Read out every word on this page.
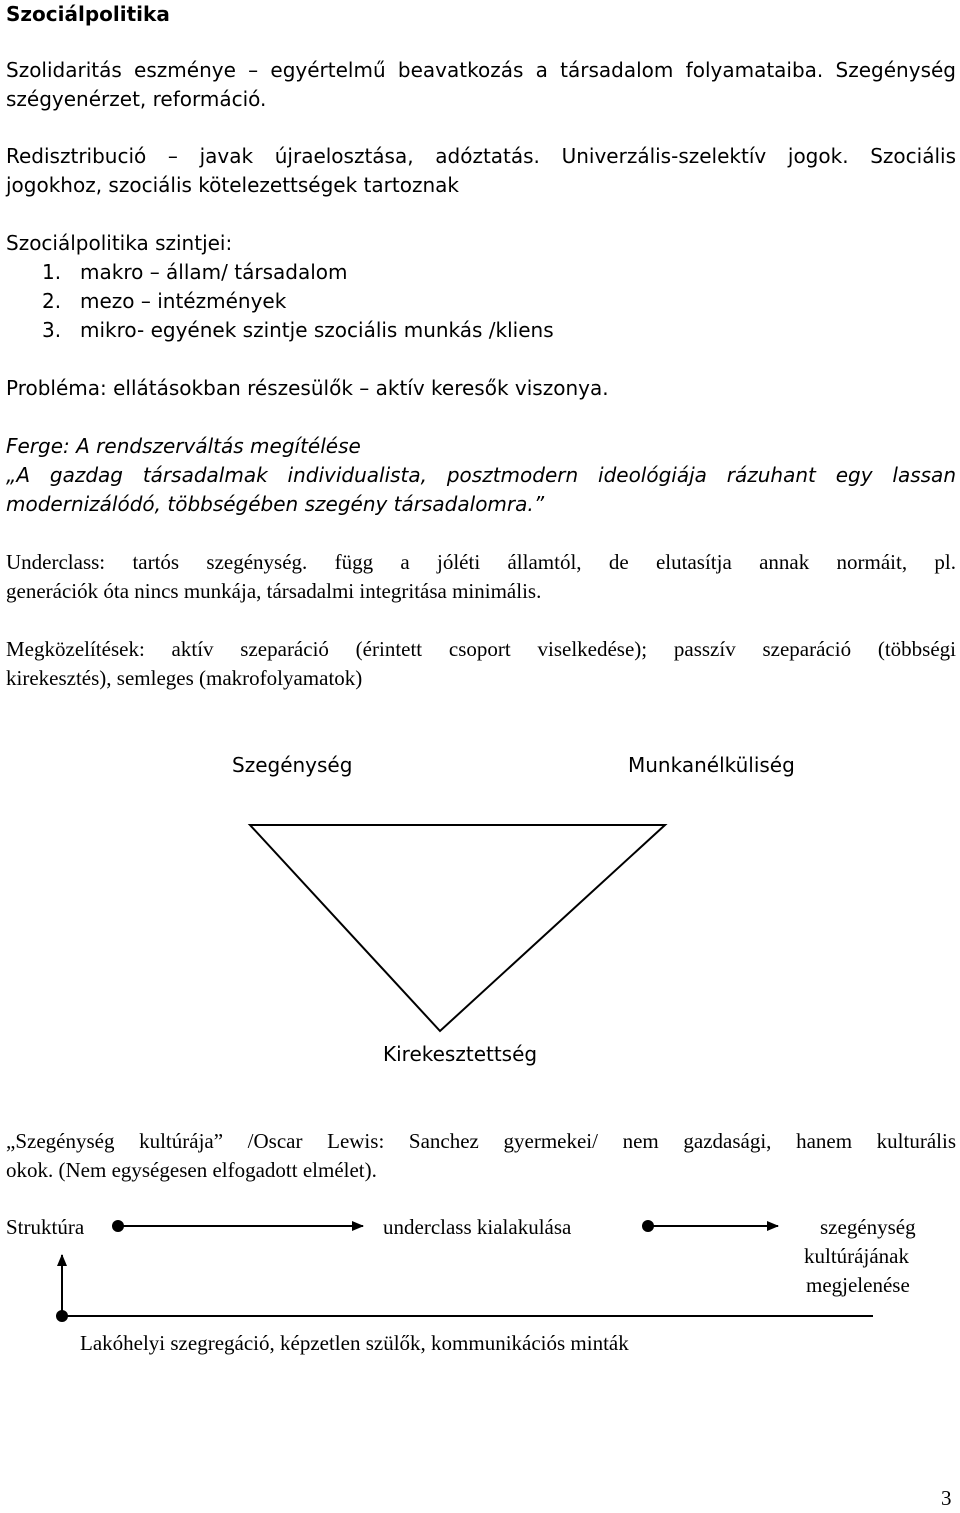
Szociálpolitika
Szolidaritás eszménye – egyértelmű beavatkozás a társadalom folyamataiba. Szegénység
szégyenérzet, reformáció.
Redisztribució – javak újraelosztása, adóztatás. Univerzális-szelektív jogok. Szociális
jogokhoz, szociális kötelezettségek tartoznak
Szociálpolitika szintjei:
1. makro – állam/ társadalom
2. mezo – intézmények
3. mikro- egyének szintje szociális munkás /kliens
Probléma: ellátásokban részesülők – aktív keresők viszonya.
Ferge: A rendszerváltás megítélése
„A gazdag társadalmak individualista, posztmodern ideológiája rázuhant egy lassan
modernizálódó, többségében szegény társadalomra.”
Underclass: tartós szegénység. függ a jóléti államtól, de elutasítja annak normáit, pl.
generációk óta nincs munkája, társadalmi integritása minimális.
Megközelítések: aktív szeparáció (érintett csoport viselkedése); passzív szeparáció (többségi
kirekesztés), semleges (makrofolyamatok)
Szegénység	Munkanélküliség
Kirekesztettség
„Szegénység kultúrája” /Oscar Lewis: Sanchez gyermekei/ nem gazdasági, hanem kulturális
okok. (Nem egységesen elfogadott elmélet).
Struktúra	underclass kialakulása	szegénység
kultúrájának
megjelenése
Lakóhelyi szegregáció, képzetlen szülők, kommunikációs minták
3
